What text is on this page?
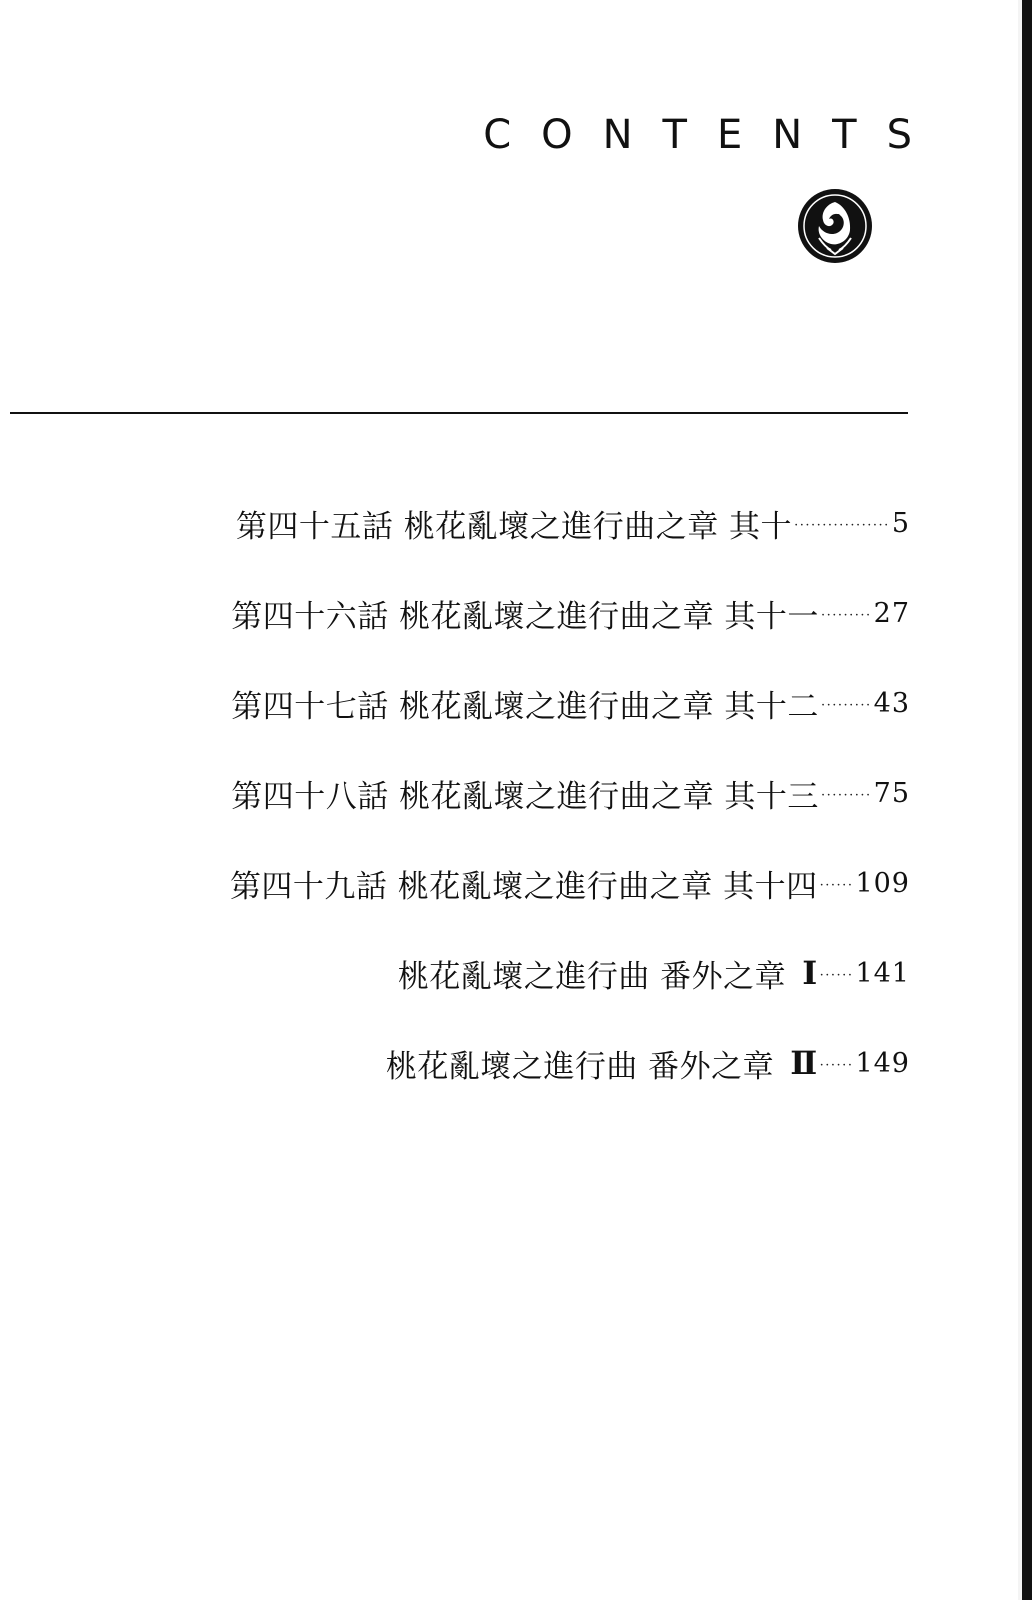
CONTENTS
第四十五話 桃花亂壞之進行曲之章 其十 ················· 5
第四十六話 桃花亂壞之進行曲之章 其十一 ········· 27
第四十七話 桃花亂壞之進行曲之章 其十二 ········· 43
第四十八話 桃花亂壞之進行曲之章 其十三 ········· 75
第四十九話 桃花亂壞之進行曲之章 其十四 ······ 109
桃花亂壞之進行曲 番外之章 Ⅰ ······ 141
桃花亂壞之進行曲 番外之章 Ⅱ ······ 149
